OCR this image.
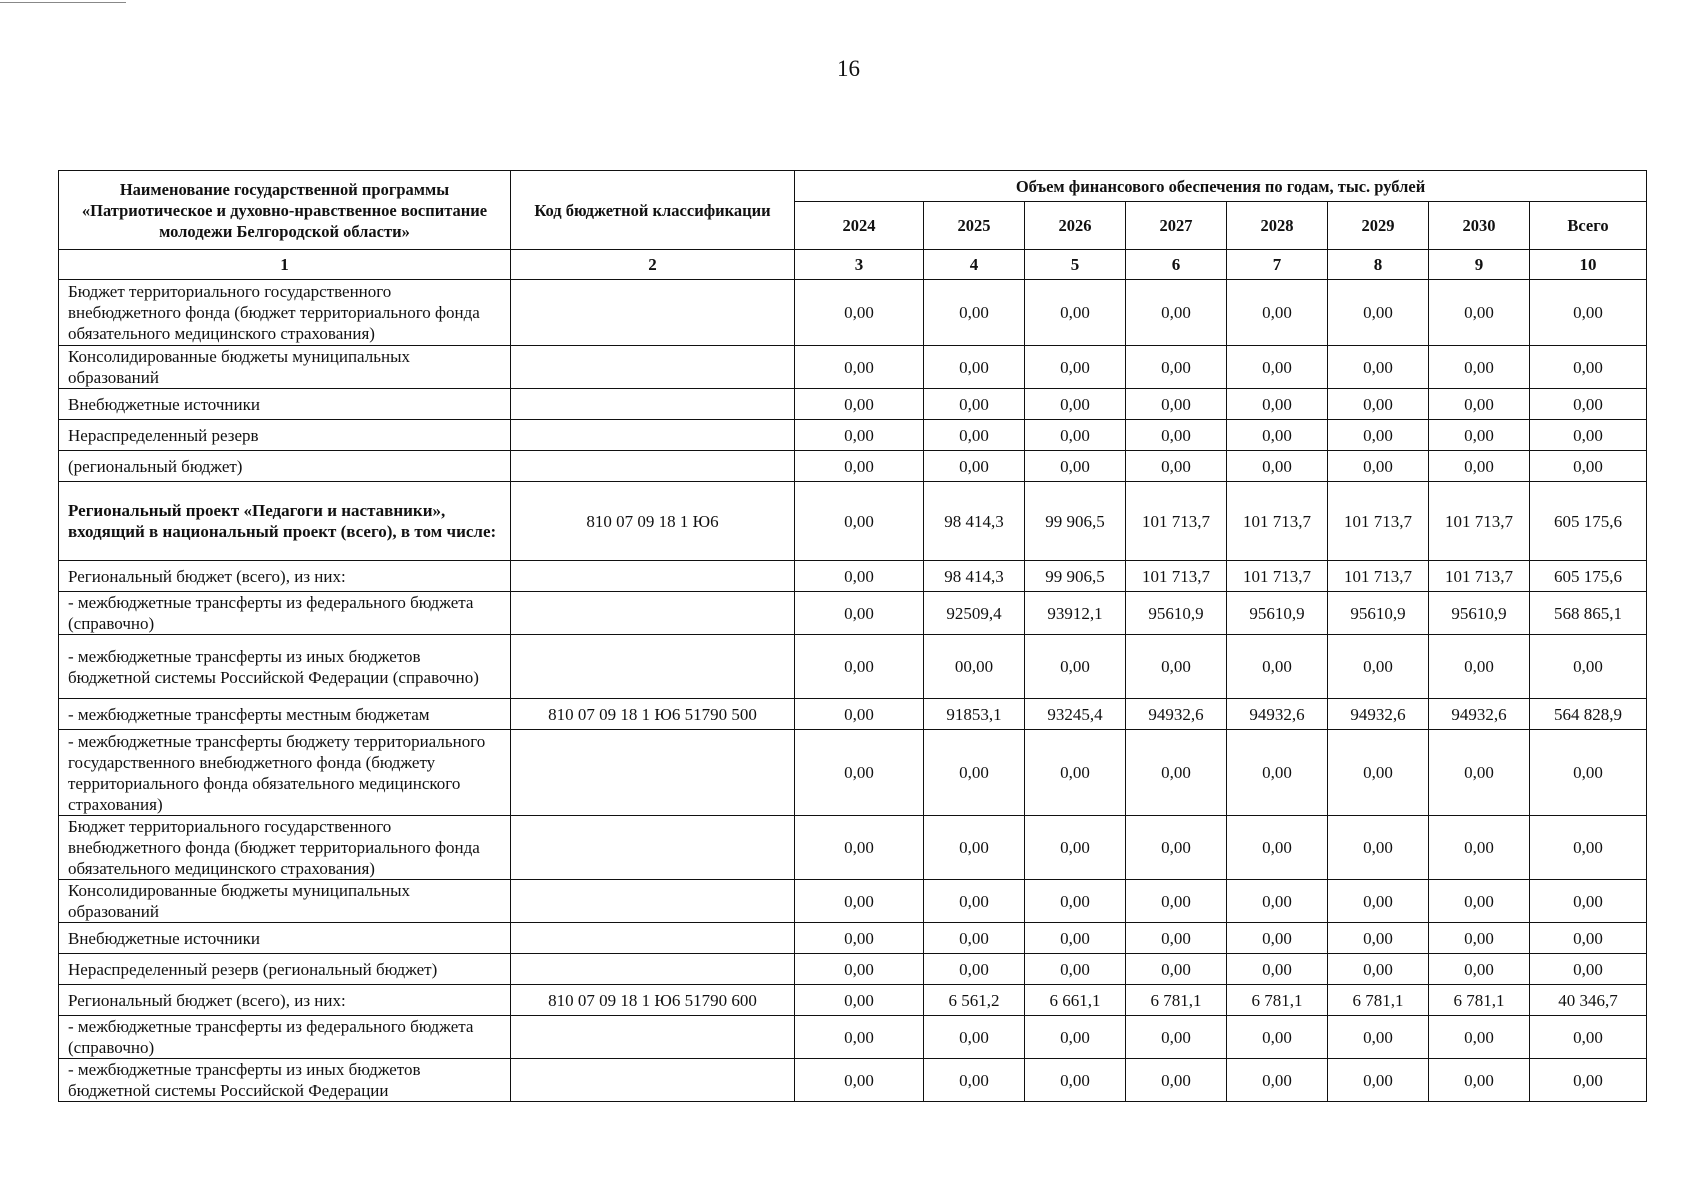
16
Наименование государственной программы «Патриотическое и духовно-нравственное воспитание молодежи Белгородской области»	Код бюджетной классификации	Объем финансового обеспечения по годам, тыс. рублей							
		2024	2025	2026	2027	2028	2029	2030	Всего
1	2	3	4	5	6	7	8	9	10
Бюджет территориального государственного внебюджетного фонда (бюджет территориального фонда обязательного медицинского страхования)		0,00	0,00	0,00	0,00	0,00	0,00	0,00	0,00
Консолидированные бюджеты муниципальных образований		0,00	0,00	0,00	0,00	0,00	0,00	0,00	0,00
Внебюджетные источники		0,00	0,00	0,00	0,00	0,00	0,00	0,00	0,00
Нераспределенный резерв		0,00	0,00	0,00	0,00	0,00	0,00	0,00	0,00
(региональный бюджет)		0,00	0,00	0,00	0,00	0,00	0,00	0,00	0,00
Региональный проект «Педагоги и наставники», входящий в национальный проект (всего), в том числе:	810 07 09 18 1 Ю6	0,00	98 414,3	99 906,5	101 713,7	101 713,7	101 713,7	101 713,7	605 175,6
Региональный бюджет (всего), из них:		0,00	98 414,3	99 906,5	101 713,7	101 713,7	101 713,7	101 713,7	605 175,6
- межбюджетные трансферты из федерального бюджета (справочно)		0,00	92509,4	93912,1	95610,9	95610,9	95610,9	95610,9	568 865,1
- межбюджетные трансферты из иных бюджетов бюджетной системы Российской Федерации (справочно)		0,00	00,00	0,00	0,00	0,00	0,00	0,00	0,00
- межбюджетные трансферты местным бюджетам	810 07 09 18 1 Ю6 51790 500	0,00	91853,1	93245,4	94932,6	94932,6	94932,6	94932,6	564 828,9
- межбюджетные трансферты бюджету территориального государственного внебюджетного фонда (бюджету территориального фонда обязательного медицинского страхования)		0,00	0,00	0,00	0,00	0,00	0,00	0,00	0,00
Бюджет территориального государственного внебюджетного фонда (бюджет территориального фонда обязательного медицинского страхования)		0,00	0,00	0,00	0,00	0,00	0,00	0,00	0,00
Консолидированные бюджеты муниципальных образований		0,00	0,00	0,00	0,00	0,00	0,00	0,00	0,00
Внебюджетные источники		0,00	0,00	0,00	0,00	0,00	0,00	0,00	0,00
Нераспределенный резерв (региональный бюджет)		0,00	0,00	0,00	0,00	0,00	0,00	0,00	0,00
Региональный бюджет (всего), из них:	810 07 09 18 1 Ю6 51790 600	0,00	6 561,2	6 661,1	6 781,1	6 781,1	6 781,1	6 781,1	40 346,7
- межбюджетные трансферты из федерального бюджета (справочно)		0,00	0,00	0,00	0,00	0,00	0,00	0,00	0,00
- межбюджетные трансферты из иных бюджетов бюджетной системы Российской Федерации		0,00	0,00	0,00	0,00	0,00	0,00	0,00	0,00
